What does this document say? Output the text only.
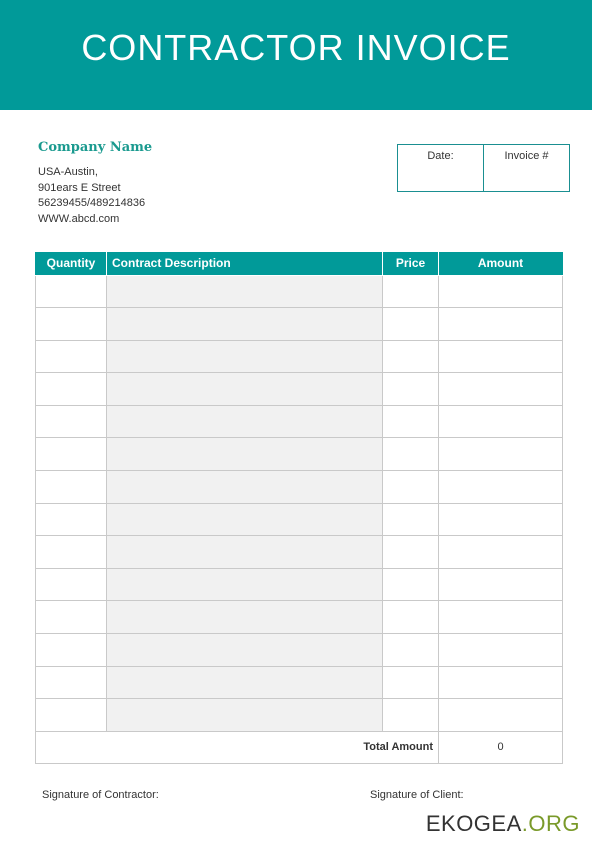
CONTRACTOR INVOICE
Company Name
USA-Austin,
901ears E Street
56239455/489214836
WWW.abcd.com
Date:	Invoice #
Quantity	Contract Description	Price	Amount

Total Amount			0
Signature of Contractor:	Signature of Client:
EKOGEA.ORG
